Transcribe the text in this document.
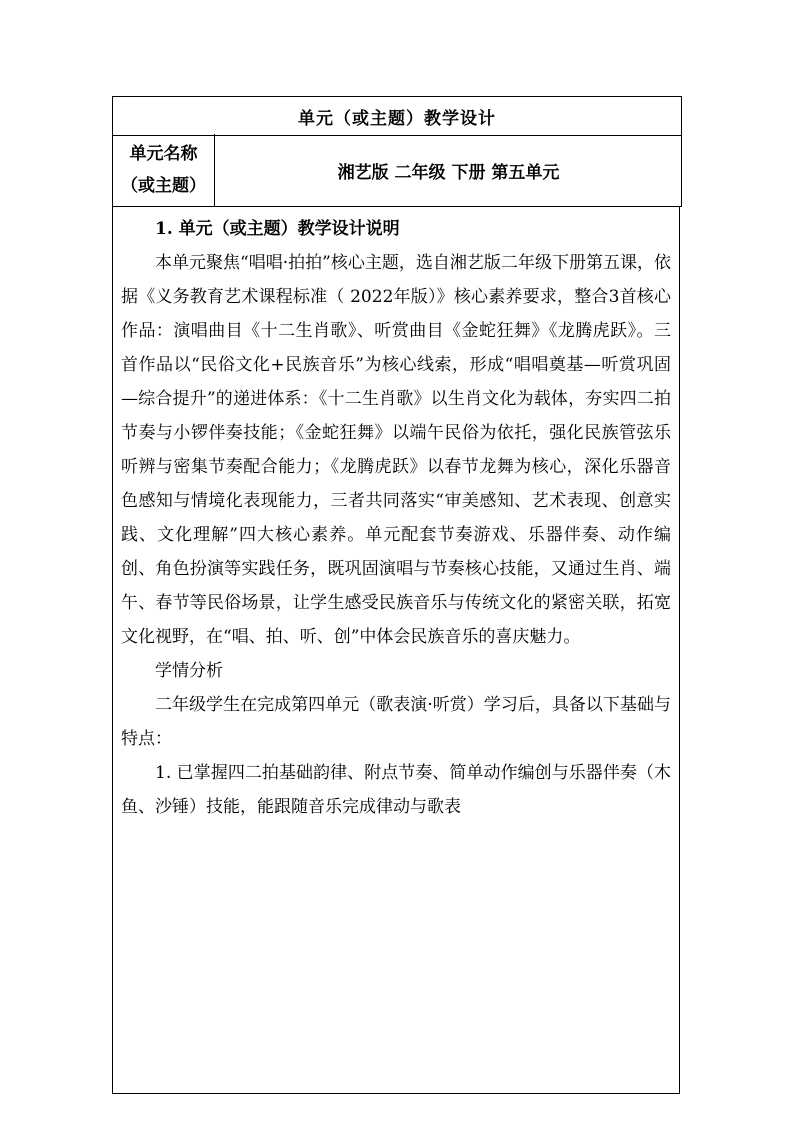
单元（或主题）教学设计
单元名称
（或主题）
湘艺版 二年级 下册 第五单元

1. 单元（或主题）教学设计说明

本单元聚焦“唱唱·拍拍”核心主题，选自湘艺版二年级下册第五课，依据《义务教育艺术课程标准（ 2022年版）》核心素养要求，整合3首核心作品：演唱曲目《十二生肖歌》、听赏曲目《金蛇狂舞》《龙腾虎跃》。三首作品以“民俗文化+民族音乐”为核心线索，形成“唱唱奠基—听赏巩固—综合提升”的递进体系：《十二生肖歌》以生肖文化为载体，夯实四二拍节奏与小锣伴奏技能；《金蛇狂舞》以端午民俗为依托，强化民族管弦乐听辨与密集节奏配合能力；《龙腾虎跃》以春节龙舞为核心，深化乐器音色感知与情境化表现能力，三者共同落实“审美感知、艺术表现、创意实践、文化理解”四大核心素养。单元配套节奏游戏、乐器伴奏、动作编创、角色扮演等实践任务，既巩固演唱与节奏核心技能，又通过生肖、端午、春节等民俗场景，让学生感受民族音乐与传统文化的紧密关联，拓宽文化视野，在“唱、拍、听、创”中体会民族音乐的喜庆魅力。

学情分析

二年级学生在完成第四单元（歌表演·听赏）学习后，具备以下基础与特点：

1. 已掌握四二拍基础韵律、附点节奏、简单动作编创与乐器伴奏（木鱼、沙锤）技能，能跟随音乐完成律动与歌表
